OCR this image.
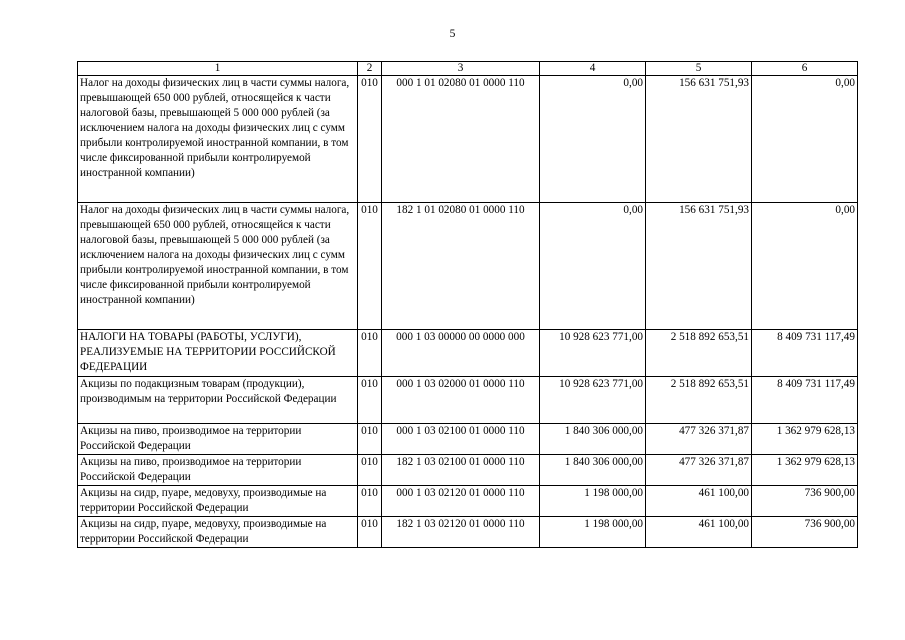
5
1	2	3	4	5	6
Налог на доходы физических лиц в части суммы налога, превышающей 650 000 рублей, относящейся к части налоговой базы, превышающей 5 000 000 рублей (за исключением налога на доходы физических лиц с сумм прибыли контролируемой иностранной компании, в том числе фиксированной прибыли контролируемой иностранной компании)	010	000 1 01 02080 01 0000 110	0,00	156 631 751,93	0,00
Налог на доходы физических лиц в части суммы налога, превышающей 650 000 рублей, относящейся к части налоговой базы, превышающей 5 000 000 рублей (за исключением налога на доходы физических лиц с сумм прибыли контролируемой иностранной компании, в том числе фиксированной прибыли контролируемой иностранной компании)	010	182 1 01 02080 01 0000 110	0,00	156 631 751,93	0,00
НАЛОГИ НА ТОВАРЫ (РАБОТЫ, УСЛУГИ), РЕАЛИЗУЕМЫЕ НА ТЕРРИТОРИИ РОССИЙСКОЙ ФЕДЕРАЦИИ	010	000 1 03 00000 00 0000 000	10 928 623 771,00	2 518 892 653,51	8 409 731 117,49
Акцизы по подакцизным товарам (продукции), производимым на территории Российской Федерации	010	000 1 03 02000 01 0000 110	10 928 623 771,00	2 518 892 653,51	8 409 731 117,49
Акцизы на пиво, производимое на территории Российской Федерации	010	000 1 03 02100 01 0000 110	1 840 306 000,00	477 326 371,87	1 362 979 628,13
Акцизы на пиво, производимое на территории Российской Федерации	010	182 1 03 02100 01 0000 110	1 840 306 000,00	477 326 371,87	1 362 979 628,13
Акцизы на сидр, пуаре, медовуху, производимые на территории Российской Федерации	010	000 1 03 02120 01 0000 110	1 198 000,00	461 100,00	736 900,00
Акцизы на сидр, пуаре, медовуху, производимые на территории Российской Федерации	010	182 1 03 02120 01 0000 110	1 198 000,00	461 100,00	736 900,00
